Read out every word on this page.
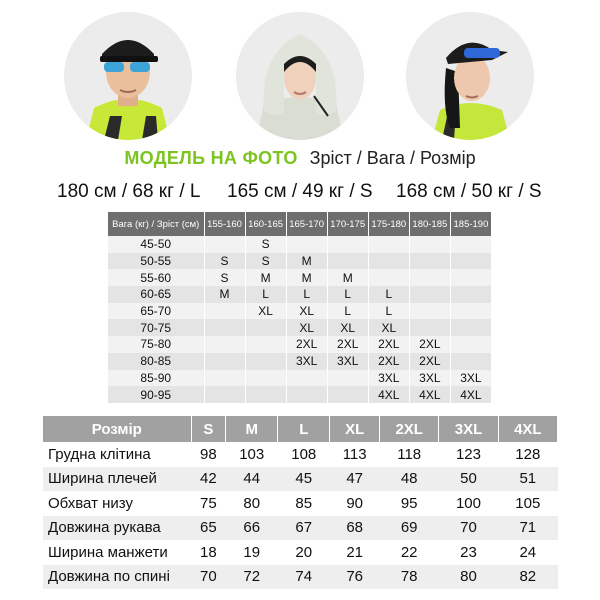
МОДЕЛЬ НА ФОТО Зріст / Вага / Розмір
180 см / 68 кг / L 165 см / 49 кг / S 168 см / 50 кг / S
Вага (кг) / Зріст (см)	155-160	160-165	165-170	170-175	175-180	180-185	185-190
45-50		S					
50-55	S	S	M				
55-60	S	M	M	M			
60-65	M	L	L	L	L		
65-70		XL	XL	L	L		
70-75			XL	XL	XL		
75-80			2XL	2XL	2XL	2XL	
80-85			3XL	3XL	2XL	2XL	
85-90					3XL	3XL	3XL
90-95					4XL	4XL	4XL
Розмір	S	M	L	XL	2XL	3XL	4XL
Грудна клітина	98	103	108	113	118	123	128
Ширина плечей	42	44	45	47	48	50	51
Обхват низу	75	80	85	90	95	100	105
Довжина рукава	65	66	67	68	69	70	71
Ширина манжети	18	19	20	21	22	23	24
Довжина по спині	70	72	74	76	78	80	82
